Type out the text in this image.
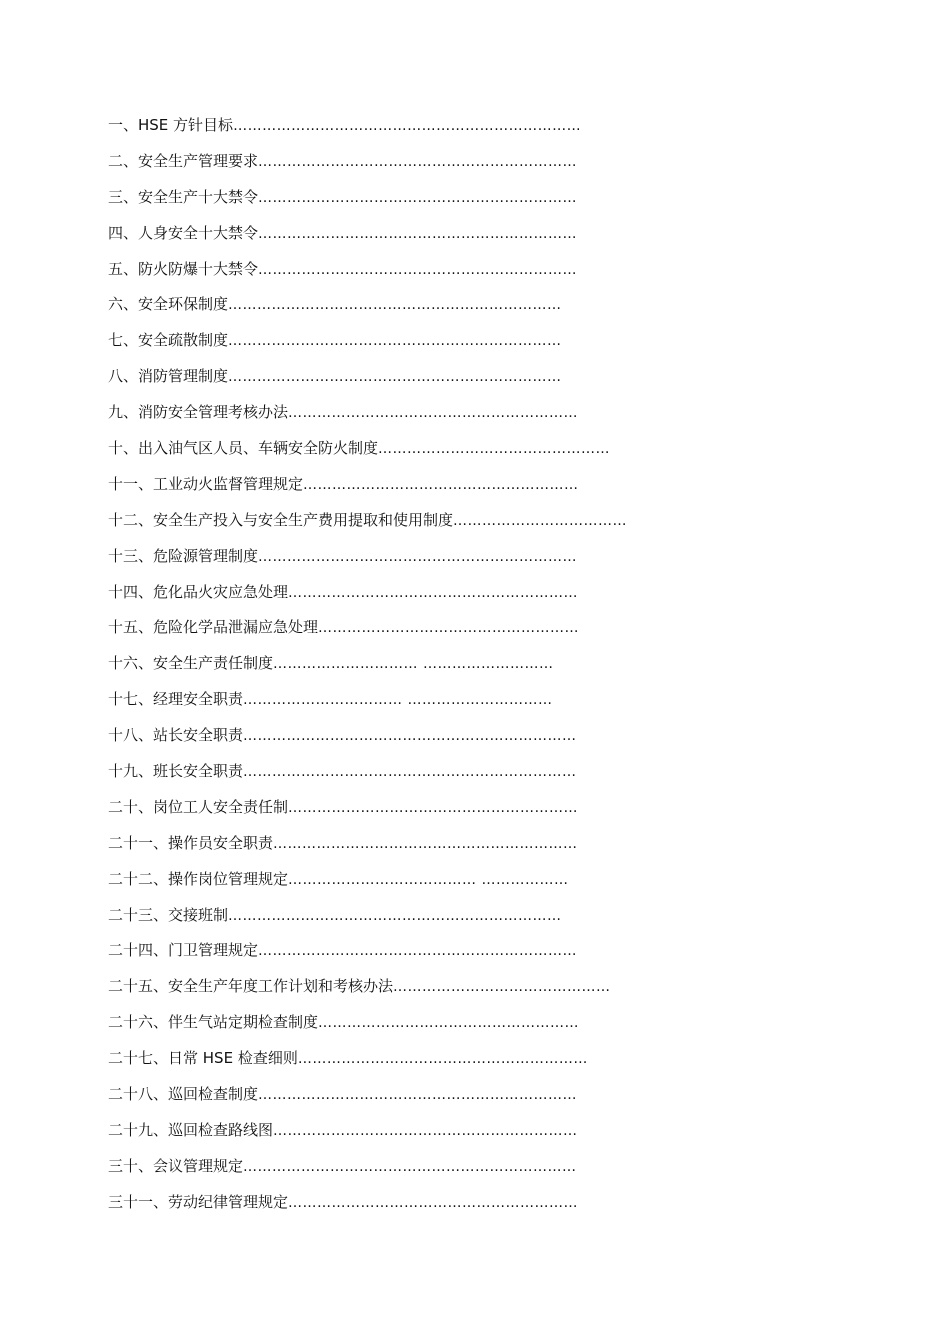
一、HSE 方针目标………………………………………………………………
二、安全生产管理要求…………………………………………………………
三、安全生产十大禁令…………………………………………………………
四、人身安全十大禁令…………………………………………………………
五、防火防爆十大禁令…………………………………………………………
六、安全环保制度……………………………………………………………
七、安全疏散制度……………………………………………………………
八、消防管理制度……………………………………………………………
九、消防安全管理考核办法……………………………………………………
十、出入油气区人员、车辆安全防火制度…………………………………………
十一、工业动火监督管理规定…………………………………………………
十二、安全生产投入与安全生产费用提取和使用制度………………………………
十三、危险源管理制度…………………………………………………………
十四、危化品火灾应急处理……………………………………………………
十五、危险化学品泄漏应急处理………………………………………………
十六、安全生产责任制度………………………… ………………………
十七、经理安全职责…………………………… …………………………
十八、站长安全职责……………………………………………………………
十九、班长安全职责……………………………………………………………
二十、岗位工人安全责任制……………………………………………………
二十一、操作员安全职责………………………………………………………
二十二、操作岗位管理规定………………………………… ………………
二十三、交接班制……………………………………………………………
二十四、门卫管理规定…………………………………………………………
二十五、安全生产年度工作计划和考核办法………………………………………
二十六、伴生气站定期检查制度………………………………………………
二十七、日常 HSE 检查细则……………………………………………………
二十八、巡回检查制度…………………………………………………………
二十九、巡回检查路线图………………………………………………………
三十、会议管理规定……………………………………………………………
三十一、劳动纪律管理规定……………………………………………………
